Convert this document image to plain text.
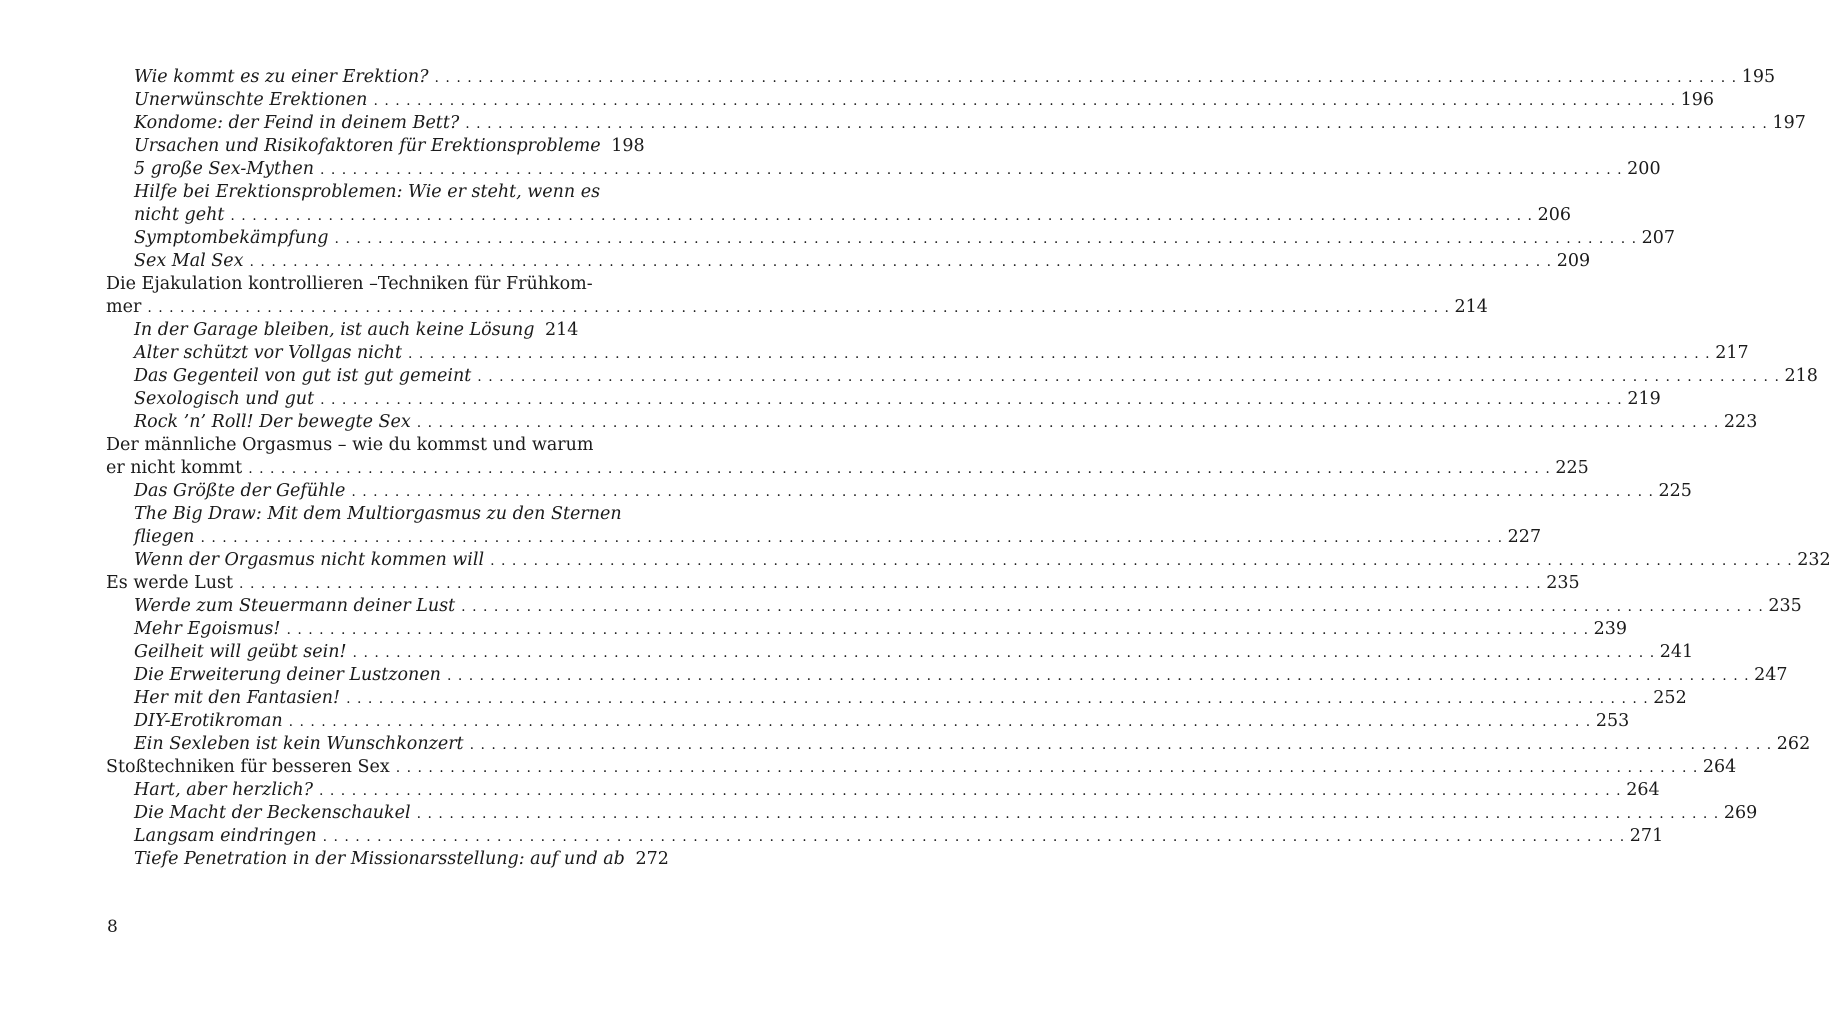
Wie kommt es zu einer Erektion? . . . . . . . . . . . . . . . . . . . . . . . . . . . . . . . . . . . . . . . . . . . . . . . . . . . . . . . . . . . . . . . . . . . . . . . . . . . . . . . . . . . . . . . . . . . . . . . . . . . . . . . . . . . . . . . . . . . . . . . . 195
Unerwünschte Erektionen . . . . . . . . . . . . . . . . . . . . . . . . . . . . . . . . . . . . . . . . . . . . . . . . . . . . . . . . . . . . . . . . . . . . . . . . . . . . . . . . . . . . . . . . . . . . . . . . . . . . . . . . . . . . . . . . . . . . . . . . 196
Kondome: der Feind in deinem Bett? . . . . . . . . . . . . . . . . . . . . . . . . . . . . . . . . . . . . . . . . . . . . . . . . . . . . . . . . . . . . . . . . . . . . . . . . . . . . . . . . . . . . . . . . . . . . . . . . . . . . . . . . . . . . . . . . . . . . . . . . 197
Ursachen und Risikofaktoren für Erektionsprobleme 198
5 große Sex-Mythen . . . . . . . . . . . . . . . . . . . . . . . . . . . . . . . . . . . . . . . . . . . . . . . . . . . . . . . . . . . . . . . . . . . . . . . . . . . . . . . . . . . . . . . . . . . . . . . . . . . . . . . . . . . . . . . . . . . . . . . . 200
Hilfe bei Erektionsproblemen: Wie er steht, wenn es
nicht geht . . . . . . . . . . . . . . . . . . . . . . . . . . . . . . . . . . . . . . . . . . . . . . . . . . . . . . . . . . . . . . . . . . . . . . . . . . . . . . . . . . . . . . . . . . . . . . . . . . . . . . . . . . . . . . . . . . . . . . . . 206
Symptombekämpfung . . . . . . . . . . . . . . . . . . . . . . . . . . . . . . . . . . . . . . . . . . . . . . . . . . . . . . . . . . . . . . . . . . . . . . . . . . . . . . . . . . . . . . . . . . . . . . . . . . . . . . . . . . . . . . . . . . . . . . . . 207
Sex Mal Sex . . . . . . . . . . . . . . . . . . . . . . . . . . . . . . . . . . . . . . . . . . . . . . . . . . . . . . . . . . . . . . . . . . . . . . . . . . . . . . . . . . . . . . . . . . . . . . . . . . . . . . . . . . . . . . . . . . . . . . . . 209
Die Ejakulation kontrollieren –Techniken für Frühkom-
mer . . . . . . . . . . . . . . . . . . . . . . . . . . . . . . . . . . . . . . . . . . . . . . . . . . . . . . . . . . . . . . . . . . . . . . . . . . . . . . . . . . . . . . . . . . . . . . . . . . . . . . . . . . . . . . . . . . . . . . . . 214
In der Garage bleiben, ist auch keine Lösung 214
Alter schützt vor Vollgas nicht . . . . . . . . . . . . . . . . . . . . . . . . . . . . . . . . . . . . . . . . . . . . . . . . . . . . . . . . . . . . . . . . . . . . . . . . . . . . . . . . . . . . . . . . . . . . . . . . . . . . . . . . . . . . . . . . . . . . . . . . 217
Das Gegenteil von gut ist gut gemeint . . . . . . . . . . . . . . . . . . . . . . . . . . . . . . . . . . . . . . . . . . . . . . . . . . . . . . . . . . . . . . . . . . . . . . . . . . . . . . . . . . . . . . . . . . . . . . . . . . . . . . . . . . . . . . . . . . . . . . . . 218
Sexologisch und gut . . . . . . . . . . . . . . . . . . . . . . . . . . . . . . . . . . . . . . . . . . . . . . . . . . . . . . . . . . . . . . . . . . . . . . . . . . . . . . . . . . . . . . . . . . . . . . . . . . . . . . . . . . . . . . . . . . . . . . . . 219
Rock ’n’ Roll! Der bewegte Sex . . . . . . . . . . . . . . . . . . . . . . . . . . . . . . . . . . . . . . . . . . . . . . . . . . . . . . . . . . . . . . . . . . . . . . . . . . . . . . . . . . . . . . . . . . . . . . . . . . . . . . . . . . . . . . . . . . . . . . . . 223
Der männliche Orgasmus – wie du kommst und warum
er nicht kommt . . . . . . . . . . . . . . . . . . . . . . . . . . . . . . . . . . . . . . . . . . . . . . . . . . . . . . . . . . . . . . . . . . . . . . . . . . . . . . . . . . . . . . . . . . . . . . . . . . . . . . . . . . . . . . . . . . . . . . . . 225
Das Größte der Gefühle . . . . . . . . . . . . . . . . . . . . . . . . . . . . . . . . . . . . . . . . . . . . . . . . . . . . . . . . . . . . . . . . . . . . . . . . . . . . . . . . . . . . . . . . . . . . . . . . . . . . . . . . . . . . . . . . . . . . . . . . 225
The Big Draw: Mit dem Multiorgasmus zu den Sternen
fliegen . . . . . . . . . . . . . . . . . . . . . . . . . . . . . . . . . . . . . . . . . . . . . . . . . . . . . . . . . . . . . . . . . . . . . . . . . . . . . . . . . . . . . . . . . . . . . . . . . . . . . . . . . . . . . . . . . . . . . . . . 227
Wenn der Orgasmus nicht kommen will . . . . . . . . . . . . . . . . . . . . . . . . . . . . . . . . . . . . . . . . . . . . . . . . . . . . . . . . . . . . . . . . . . . . . . . . . . . . . . . . . . . . . . . . . . . . . . . . . . . . . . . . . . . . . . . . . . . . . . . . 232
Es werde Lust . . . . . . . . . . . . . . . . . . . . . . . . . . . . . . . . . . . . . . . . . . . . . . . . . . . . . . . . . . . . . . . . . . . . . . . . . . . . . . . . . . . . . . . . . . . . . . . . . . . . . . . . . . . . . . . . . . . . . . . . 235
Werde zum Steuermann deiner Lust . . . . . . . . . . . . . . . . . . . . . . . . . . . . . . . . . . . . . . . . . . . . . . . . . . . . . . . . . . . . . . . . . . . . . . . . . . . . . . . . . . . . . . . . . . . . . . . . . . . . . . . . . . . . . . . . . . . . . . . . 235
Mehr Egoismus! . . . . . . . . . . . . . . . . . . . . . . . . . . . . . . . . . . . . . . . . . . . . . . . . . . . . . . . . . . . . . . . . . . . . . . . . . . . . . . . . . . . . . . . . . . . . . . . . . . . . . . . . . . . . . . . . . . . . . . . . 239
Geilheit will geübt sein! . . . . . . . . . . . . . . . . . . . . . . . . . . . . . . . . . . . . . . . . . . . . . . . . . . . . . . . . . . . . . . . . . . . . . . . . . . . . . . . . . . . . . . . . . . . . . . . . . . . . . . . . . . . . . . . . . . . . . . . . 241
Die Erweiterung deiner Lustzonen . . . . . . . . . . . . . . . . . . . . . . . . . . . . . . . . . . . . . . . . . . . . . . . . . . . . . . . . . . . . . . . . . . . . . . . . . . . . . . . . . . . . . . . . . . . . . . . . . . . . . . . . . . . . . . . . . . . . . . . . 247
Her mit den Fantasien! . . . . . . . . . . . . . . . . . . . . . . . . . . . . . . . . . . . . . . . . . . . . . . . . . . . . . . . . . . . . . . . . . . . . . . . . . . . . . . . . . . . . . . . . . . . . . . . . . . . . . . . . . . . . . . . . . . . . . . . . 252
DIY-Erotikroman . . . . . . . . . . . . . . . . . . . . . . . . . . . . . . . . . . . . . . . . . . . . . . . . . . . . . . . . . . . . . . . . . . . . . . . . . . . . . . . . . . . . . . . . . . . . . . . . . . . . . . . . . . . . . . . . . . . . . . . . 253
Ein Sexleben ist kein Wunschkonzert . . . . . . . . . . . . . . . . . . . . . . . . . . . . . . . . . . . . . . . . . . . . . . . . . . . . . . . . . . . . . . . . . . . . . . . . . . . . . . . . . . . . . . . . . . . . . . . . . . . . . . . . . . . . . . . . . . . . . . . . 262
Stoßtechniken für besseren Sex . . . . . . . . . . . . . . . . . . . . . . . . . . . . . . . . . . . . . . . . . . . . . . . . . . . . . . . . . . . . . . . . . . . . . . . . . . . . . . . . . . . . . . . . . . . . . . . . . . . . . . . . . . . . . . . . . . . . . . . . 264
Hart, aber herzlich? . . . . . . . . . . . . . . . . . . . . . . . . . . . . . . . . . . . . . . . . . . . . . . . . . . . . . . . . . . . . . . . . . . . . . . . . . . . . . . . . . . . . . . . . . . . . . . . . . . . . . . . . . . . . . . . . . . . . . . . . 264
Die Macht der Beckenschaukel . . . . . . . . . . . . . . . . . . . . . . . . . . . . . . . . . . . . . . . . . . . . . . . . . . . . . . . . . . . . . . . . . . . . . . . . . . . . . . . . . . . . . . . . . . . . . . . . . . . . . . . . . . . . . . . . . . . . . . . . 269
Langsam eindringen . . . . . . . . . . . . . . . . . . . . . . . . . . . . . . . . . . . . . . . . . . . . . . . . . . . . . . . . . . . . . . . . . . . . . . . . . . . . . . . . . . . . . . . . . . . . . . . . . . . . . . . . . . . . . . . . . . . . . . . . 271
Tiefe Penetration in der Missionarsstellung: auf und ab 272
8
